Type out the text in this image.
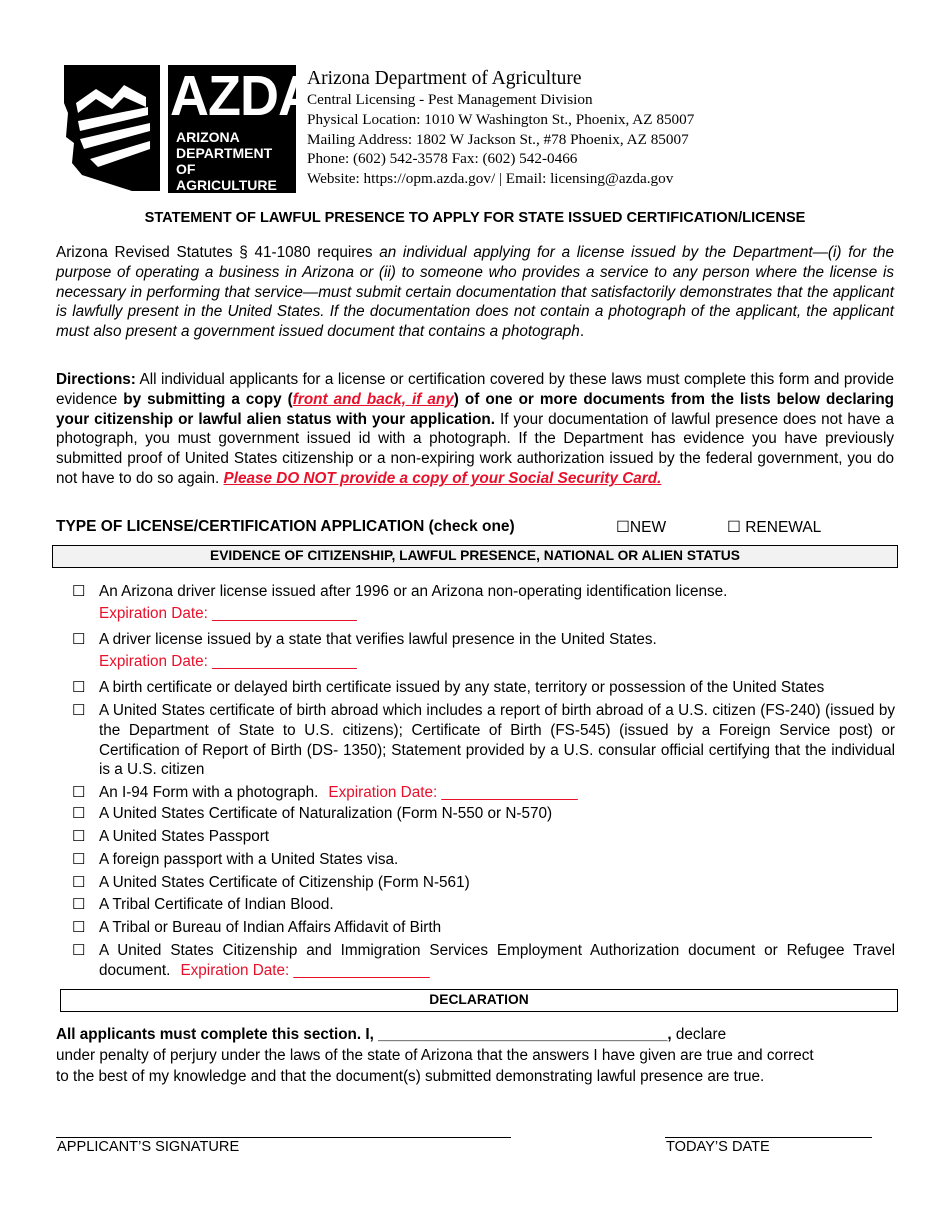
AZDA
ARIZONA
DEPARTMENT
OF AGRICULTURE
Arizona Department of Agriculture
Central Licensing - Pest Management Division
Physical Location: 1010 W Washington St., Phoenix, AZ 85007
Mailing Address: 1802 W Jackson St., #78 Phoenix, AZ 85007
Phone: (602) 542-3578 Fax: (602) 542-0466
Website: https://opm.azda.gov/ | Email: licensing@azda.gov
STATEMENT OF LAWFUL PRESENCE TO APPLY FOR STATE ISSUED CERTIFICATION/LICENSE
Arizona Revised Statutes § 41-1080 requires an individual applying for a license issued by the Department—(i) for the purpose of operating a business in Arizona or (ii) to someone who provides a service to any person where the license is necessary in performing that service—must submit certain documentation that satisfactorily demonstrates that the applicant is lawfully present in the United States. If the documentation does not contain a photograph of the applicant, the applicant must also present a government issued document that contains a photograph.
Directions: All individual applicants for a license or certification covered by these laws must complete this form and provide evidence by submitting a copy (front and back, if any) of one or more documents from the lists below declaring your citizenship or lawful alien status with your application. If your documentation of lawful presence does not have a photograph, you must government issued id with a photograph. If the Department has evidence you have previously submitted proof of United States citizenship or a non-expiring work authorization issued by the federal government, you do not have to do so again. Please DO NOT provide a copy of your Social Security Card.
TYPE OF LICENSE/CERTIFICATION APPLICATION (check one)	☐NEW	☐ RENEWAL
EVIDENCE OF CITIZENSHIP, LAWFUL PRESENCE, NATIONAL OR ALIEN STATUS
☐ An Arizona driver license issued after 1996 or an Arizona non-operating identification license.
Expiration Date: _________________
☐ A driver license issued by a state that verifies lawful presence in the United States.
Expiration Date: _________________
☐ A birth certificate or delayed birth certificate issued by any state, territory or possession of the United States
☐ A United States certificate of birth abroad which includes a report of birth abroad of a U.S. citizen (FS-240) (issued by the Department of State to U.S. citizens); Certificate of Birth (FS-545) (issued by a Foreign Service post) or Certification of Report of Birth (DS- 1350); Statement provided by a U.S. consular official certifying that the individual is a U.S. citizen
☐ An I-94 Form with a photograph. Expiration Date: ________________
☐ A United States Certificate of Naturalization (Form N-550 or N-570)
☐ A United States Passport
☐ A foreign passport with a United States visa.
☐ A United States Certificate of Citizenship (Form N-561)
☐ A Tribal Certificate of Indian Blood.
☐ A Tribal or Bureau of Indian Affairs Affidavit of Birth
☐ A United States Citizenship and Immigration Services Employment Authorization document or Refugee Travel document. Expiration Date: ________________
DECLARATION
All applicants must complete this section. I, __________________________________, declare
under penalty of perjury under the laws of the state of Arizona that the answers I have given are true and correct to the best of my knowledge and that the document(s) submitted demonstrating lawful presence are true.
APPLICANT’S SIGNATURE	TODAY’S DATE
